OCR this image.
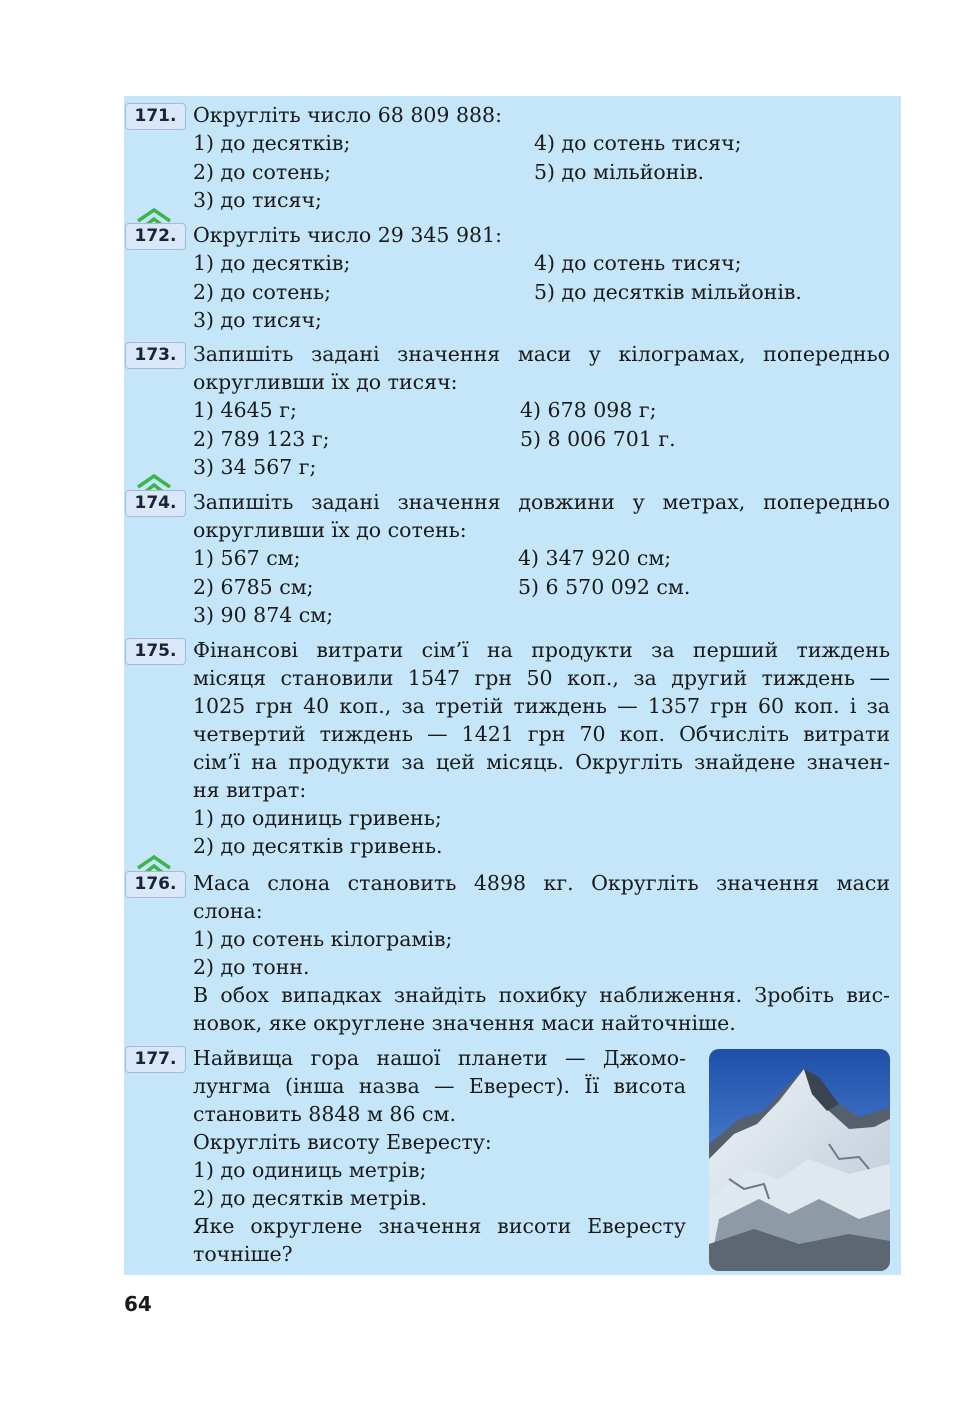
171. Округліть число 68 809 888:
1) до десятків;
2) до сотень;
3) до тисяч;
4) до сотень тисяч;
5) до мільйонів.
172. Округліть число 29 345 981:
1) до десятків;
2) до сотень;
3) до тисяч;
4) до сотень тисяч;
5) до десятків мільйонів.
173. Запишіть задані значення маси у кілограмах, попередньо
округливши їх до тисяч:
1) 4645 г;
2) 789 123 г;
3) 34 567 г;
4) 678 098 г;
5) 8 006 701 г.
174. Запишіть задані значення довжини у метрах, попередньо
округливши їх до сотень:
1) 567 см;
2) 6785 см;
3) 90 874 см;
4) 347 920 см;
5) 6 570 092 см.
175. Фінансові витрати сім’ї на продукти за перший тиждень
місяця становили 1547 грн 50 коп., за другий тиждень —
1025 грн 40 коп., за третій тиждень — 1357 грн 60 коп. і за
четвертий тиждень — 1421 грн 70 коп. Обчисліть витрати
сім’ї на продукти за цей місяць. Округліть знайдене значен-
ня витрат:
1) до одиниць гривень;
2) до десятків гривень.
176. Маса слона становить 4898 кг. Округліть значення маси
слона:
1) до сотень кілограмів;
2) до тонн.
В обох випадках знайдіть похибку наближення. Зробіть вис-
новок, яке округлене значення маси найточніше.
177. Найвища гора нашої планети — Джомо-
лунгма (інша назва — Еверест). Її висота
становить 8848 м 86 см.
Округліть висоту Евересту:
1) до одиниць метрів;
2) до десятків метрів.
Яке округлене значення висоти Евересту
точніше?
64
